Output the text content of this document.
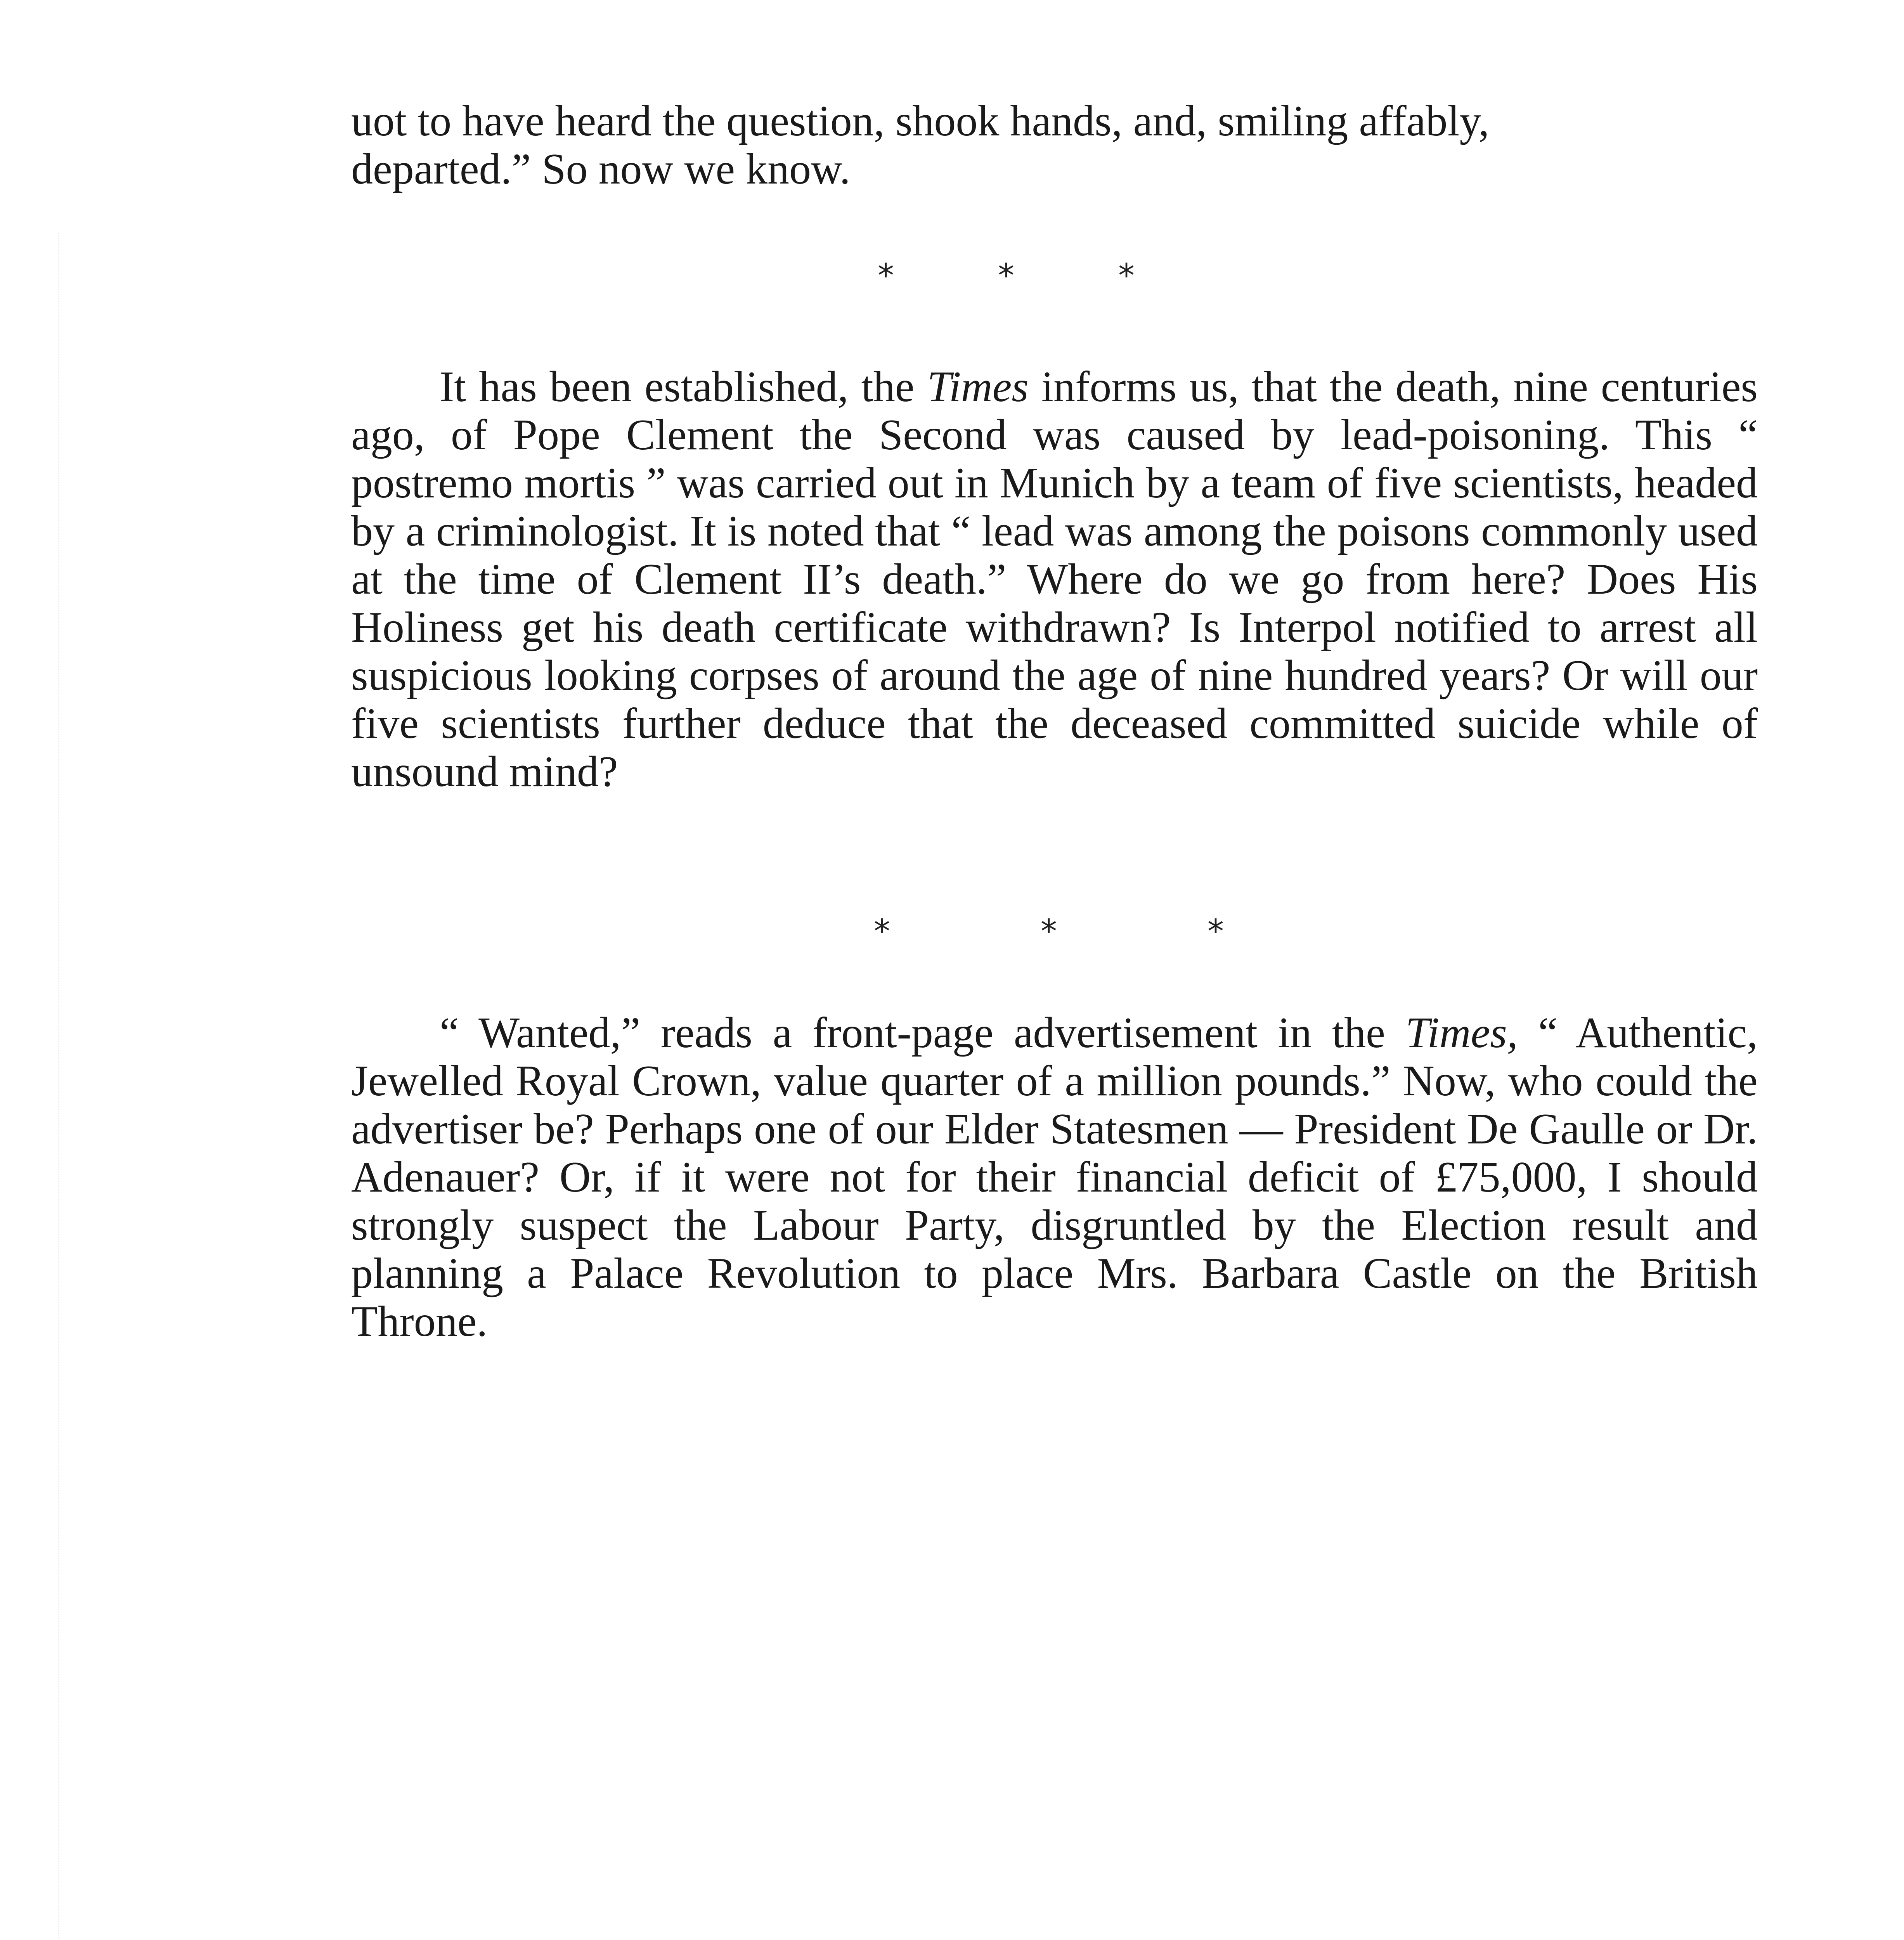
uot to have heard the question, shook hands, and, smiling affably,

departed.” So now we know.

*	*	*

It has been established, the Times informs us, that the death, nine centuries ago, of Pope Clement the Second was caused by lead-poisoning. This “ postremo mortis ” was carried out in Munich by a team of five scientists, headed by a criminologist. It is noted that “ lead was among the poisons commonly used at the time of Clement II’s death.” Where do we go from here? Does His Holiness get his death certificate withdrawn? Is Interpol notified to arrest all suspicious looking corpses of around the age of nine hundred years? Or will our five scientists further deduce that the deceased committed suicide while of unsound mind?

*	*	*

“ Wanted,” reads a front-page advertisement in the Times, “ Authentic, Jewelled Royal Crown, value quarter of a million pounds.” Now, who could the advertiser be? Perhaps one of our Elder Statesmen — President De Gaulle or Dr. Adenauer? Or, if it were not for their financial deficit of £75,000, I should strongly suspect the Labour Party, disgruntled by the Election result and planning a Palace Revolution to place Mrs. Barbara Castle on the British Throne.
